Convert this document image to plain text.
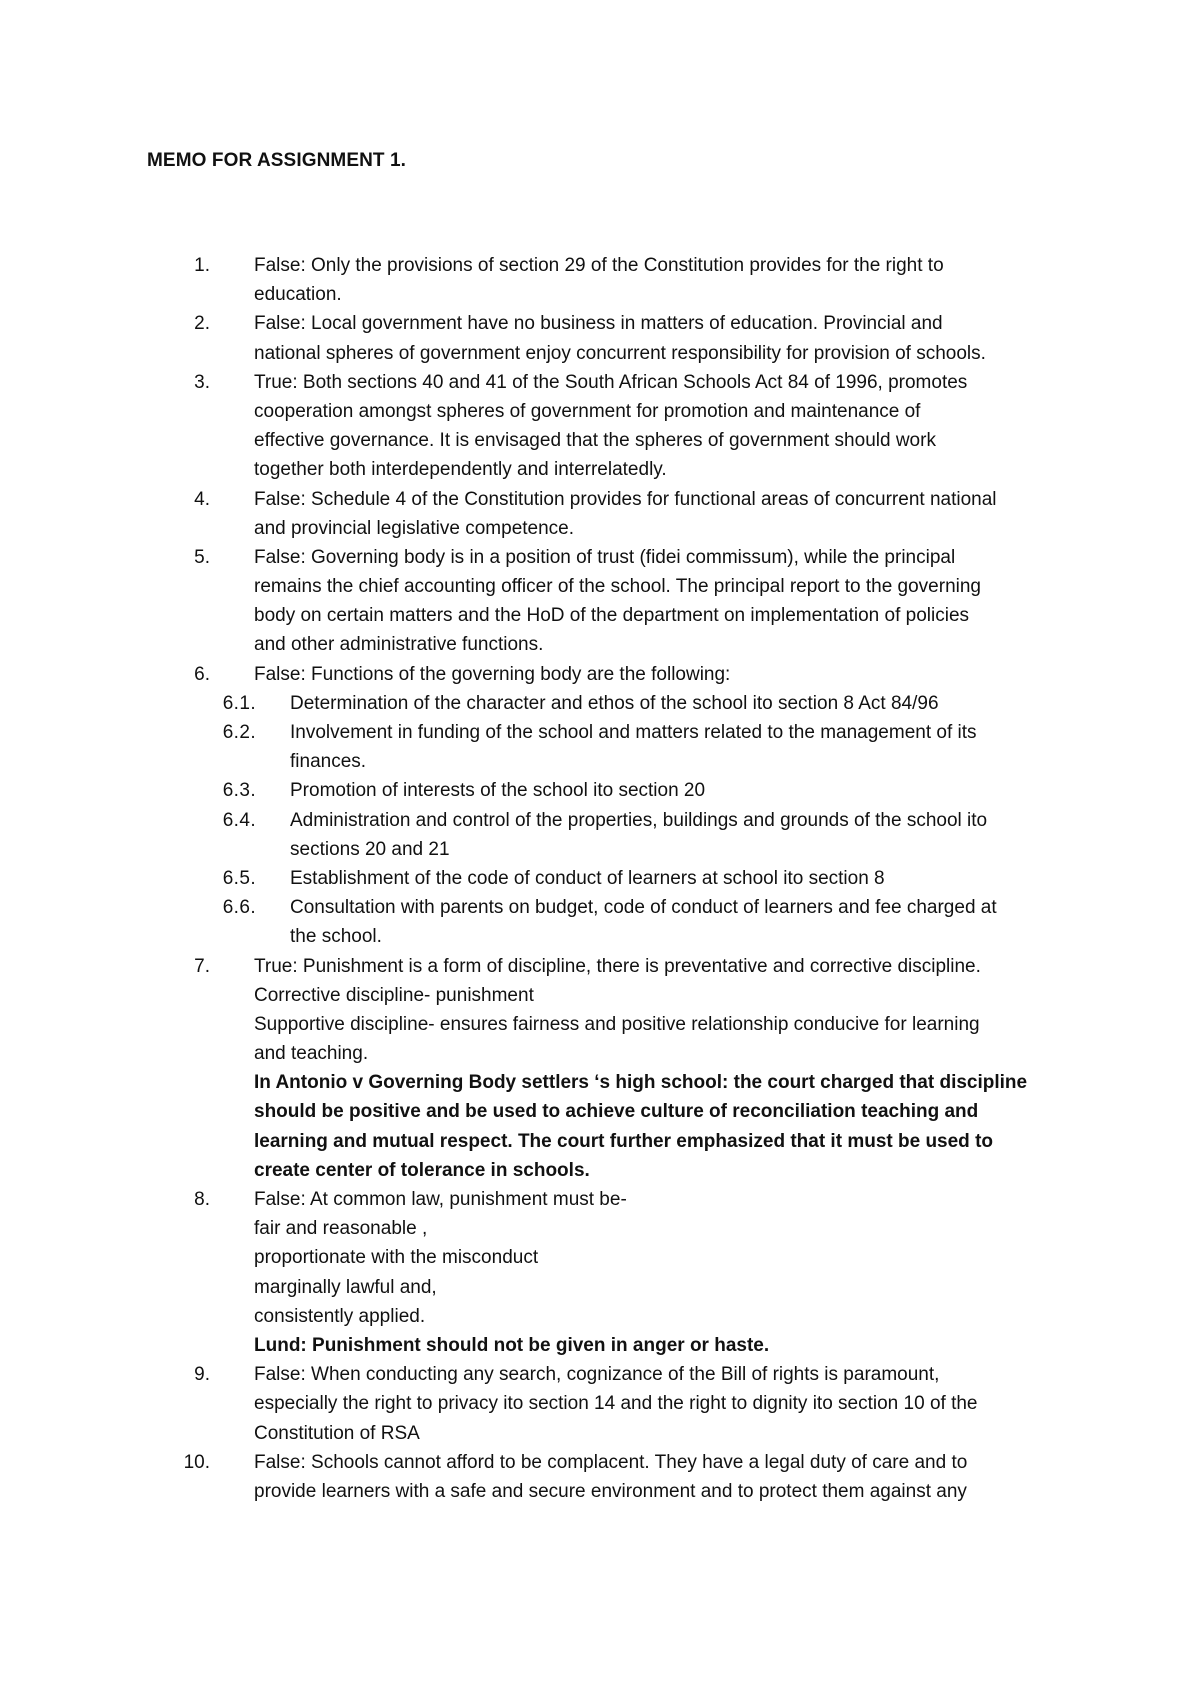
MEMO FOR ASSIGNMENT 1.
1. False: Only the provisions of section 29 of the Constitution provides for the right to
education.
2. False: Local government have no business in matters of education. Provincial and
national spheres of government enjoy concurrent responsibility for provision of schools.
3. True: Both sections 40 and 41 of the South African Schools Act 84 of 1996, promotes
cooperation amongst spheres of government for promotion and maintenance of
effective governance. It is envisaged that the spheres of government should work
together both interdependently and interrelatedly.
4. False: Schedule 4 of the Constitution provides for functional areas of concurrent national
and provincial legislative competence.
5. False: Governing body is in a position of trust (fidei commissum), while the principal
remains the chief accounting officer of the school. The principal report to the governing
body on certain matters and the HoD of the department on implementation of policies
and other administrative functions.
6. False: Functions of the governing body are the following:
6.1. Determination of the character and ethos of the school ito section 8 Act 84/96
6.2. Involvement in funding of the school and matters related to the management of its
finances.
6.3. Promotion of interests of the school ito section 20
6.4. Administration and control of the properties, buildings and grounds of the school ito
sections 20 and 21
6.5. Establishment of the code of conduct of learners at school ito section 8
6.6. Consultation with parents on budget, code of conduct of learners and fee charged at
the school.
7. True: Punishment is a form of discipline, there is preventative and corrective discipline.
Corrective discipline- punishment
Supportive discipline- ensures fairness and positive relationship conducive for learning
and teaching.
In Antonio v Governing Body settlers ‘s high school: the court charged that discipline
should be positive and be used to achieve culture of reconciliation teaching and
learning and mutual respect. The court further emphasized that it must be used to
create center of tolerance in schools.
8. False: At common law, punishment must be-
fair and reasonable ,
proportionate with the misconduct
marginally lawful and,
consistently applied.
Lund: Punishment should not be given in anger or haste.
9. False: When conducting any search, cognizance of the Bill of rights is paramount,
especially the right to privacy ito section 14 and the right to dignity ito section 10 of the
Constitution of RSA
10. False: Schools cannot afford to be complacent. They have a legal duty of care and to
provide learners with a safe and secure environment and to protect them against any
